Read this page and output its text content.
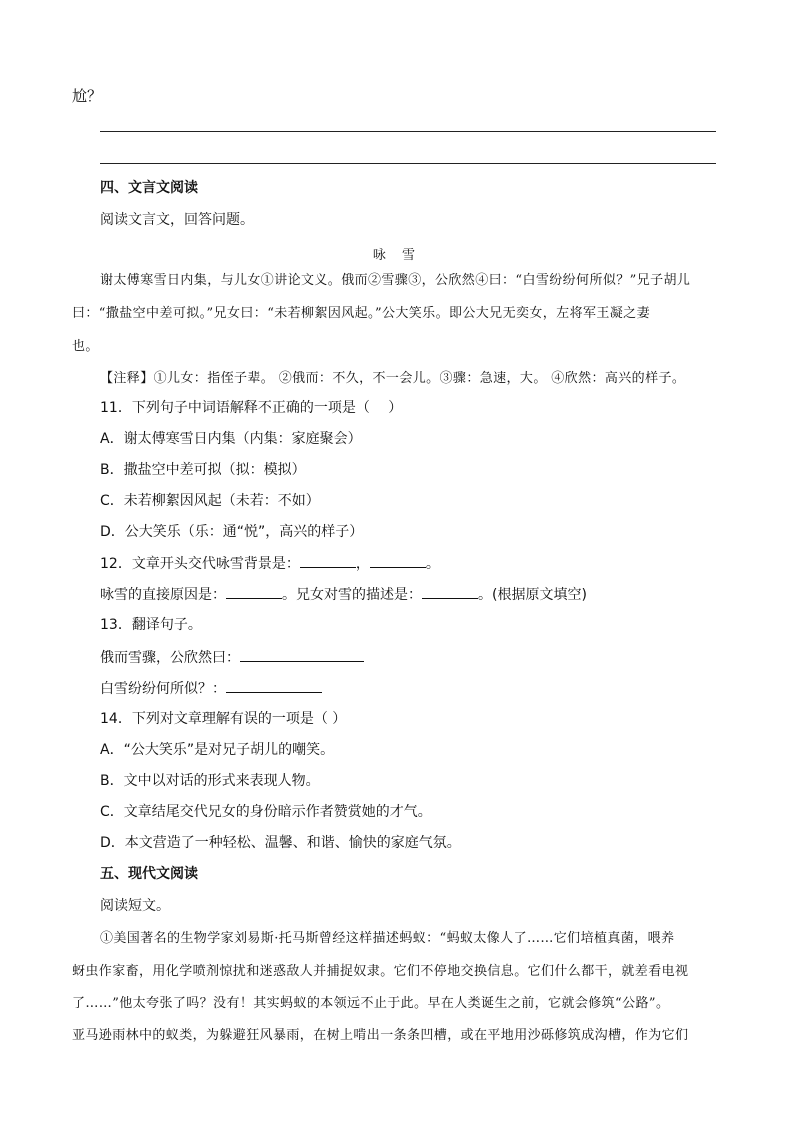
尬？
四、文言文阅读
阅读文言文，回答问题。
咏 雪
谢太傅寒雪日内集，与儿女①讲论文义。俄而②雪骤③，公欣然④曰：“白雪纷纷何所似？”兄子胡儿
曰：“撒盐空中差可拟。”兄女曰：“未若柳絮因风起。”公大笑乐。即公大兄无奕女，左将军王凝之妻
也。
【注释】①儿女：指侄子辈。 ②俄而：不久，不一会儿。③骤：急速，大。 ④欣然：高兴的样子。
11．下列句子中词语解释不正确的一项是（　 ）
A．谢太傅寒雪日内集（内集：家庭聚会）
B．撒盐空中差可拟（拟：模拟）
C．未若柳絮因风起（未若：不如）
D．公大笑乐（乐：通“悦”，高兴的样子）
12．文章开头交代咏雪背景是：	，	。
咏雪的直接原因是：	。兄女对雪的描述是：	。(根据原文填空)
13．翻译句子。
俄而雪骤，公欣然曰：
白雪纷纷何所似？：
14．下列对文章理解有误的一项是（ ）
A．“公大笑乐”是对兄子胡儿的嘲笑。
B．文中以对话的形式来表现人物。
C．文章结尾交代兄女的身份暗示作者赞赏她的才气。
D．本文营造了一种轻松、温馨、和谐、愉快的家庭气氛。
五、现代文阅读
阅读短文。
①美国著名的生物学家刘易斯·托马斯曾经这样描述蚂蚁：“蚂蚁太像人了……它们培植真菌，喂养
蚜虫作家畜，用化学喷剂惊扰和迷惑敌人并捕捉奴隶。它们不停地交换信息。它们什么都干，就差看电视
了……”他太夸张了吗？没有！其实蚂蚁的本领远不止于此。早在人类诞生之前，它就会修筑“公路”。
亚马逊雨林中的蚁类，为躲避狂风暴雨，在树上啃出一条条凹槽，或在平地用沙砾修筑成沟槽，作为它们
